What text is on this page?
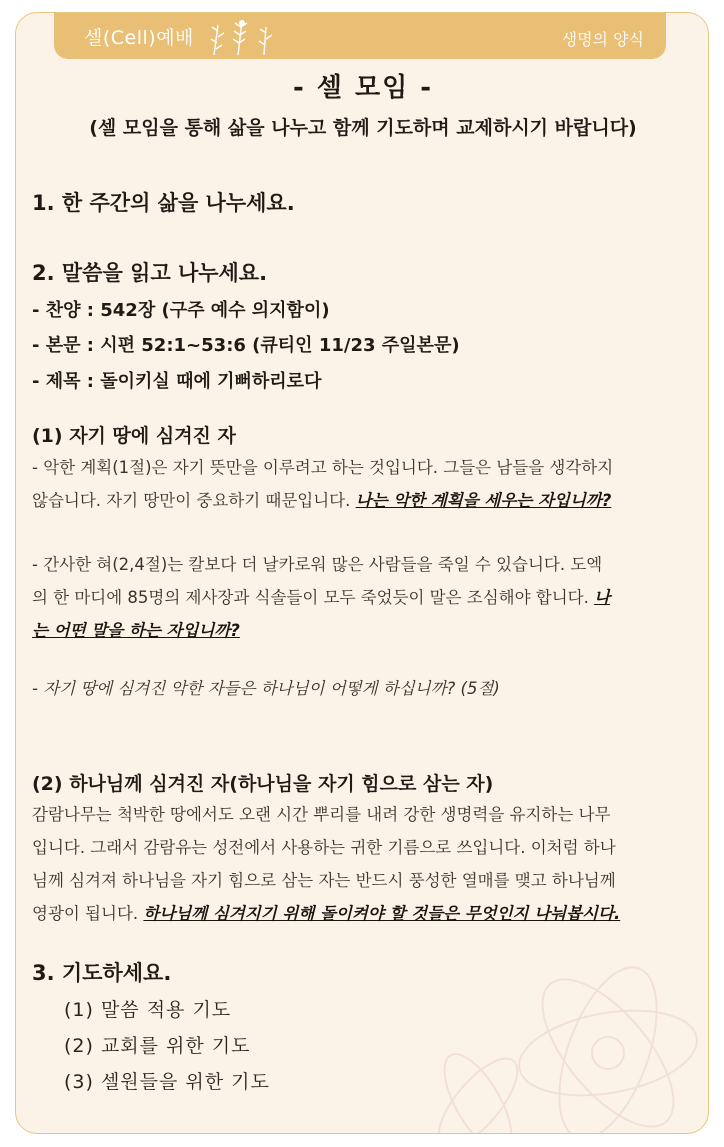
셀(Cell)예배	생명의 양식
- 셀 모임 -
(셀 모임을 통해 삶을 나누고 함께 기도하며 교제하시기 바랍니다)
1. 한 주간의 삶을 나누세요.
2. 말씀을 읽고 나누세요.
- 찬양 : 542장 (구주 예수 의지함이)
- 본문 : 시편 52:1~53:6 (큐티인 11/23 주일본문)
- 제목 : 돌이키실 때에 기뻐하리로다
(1) 자기 땅에 심겨진 자
- 악한 계획(1절)은 자기 뜻만을 이루려고 하는 것입니다. 그들은 남들을 생각하지
않습니다. 자기 땅만이 중요하기 때문입니다. 나는 악한 계획을 세우는 자입니까?
- 간사한 혀(2,4절)는 칼보다 더 날카로워 많은 사람들을 죽일 수 있습니다. 도엑
의 한 마디에 85명의 제사장과 식솔들이 모두 죽었듯이 말은 조심해야 합니다. 나
는 어떤 말을 하는 자입니까?
- 자기 땅에 심겨진 악한 자들은 하나님이 어떻게 하십니까? (5절)
(2) 하나님께 심겨진 자(하나님을 자기 힘으로 삼는 자)
감람나무는 척박한 땅에서도 오랜 시간 뿌리를 내려 강한 생명력을 유지하는 나무
입니다. 그래서 감람유는 성전에서 사용하는 귀한 기름으로 쓰입니다. 이처럼 하나
님께 심겨져 하나님을 자기 힘으로 삼는 자는 반드시 풍성한 열매를 맺고 하나님께
영광이 됩니다. 하나님께 심겨지기 위해 돌이켜야 할 것들은 무엇인지 나눠봅시다.
3. 기도하세요.
(1) 말씀 적용 기도
(2) 교회를 위한 기도
(3) 셀원들을 위한 기도
